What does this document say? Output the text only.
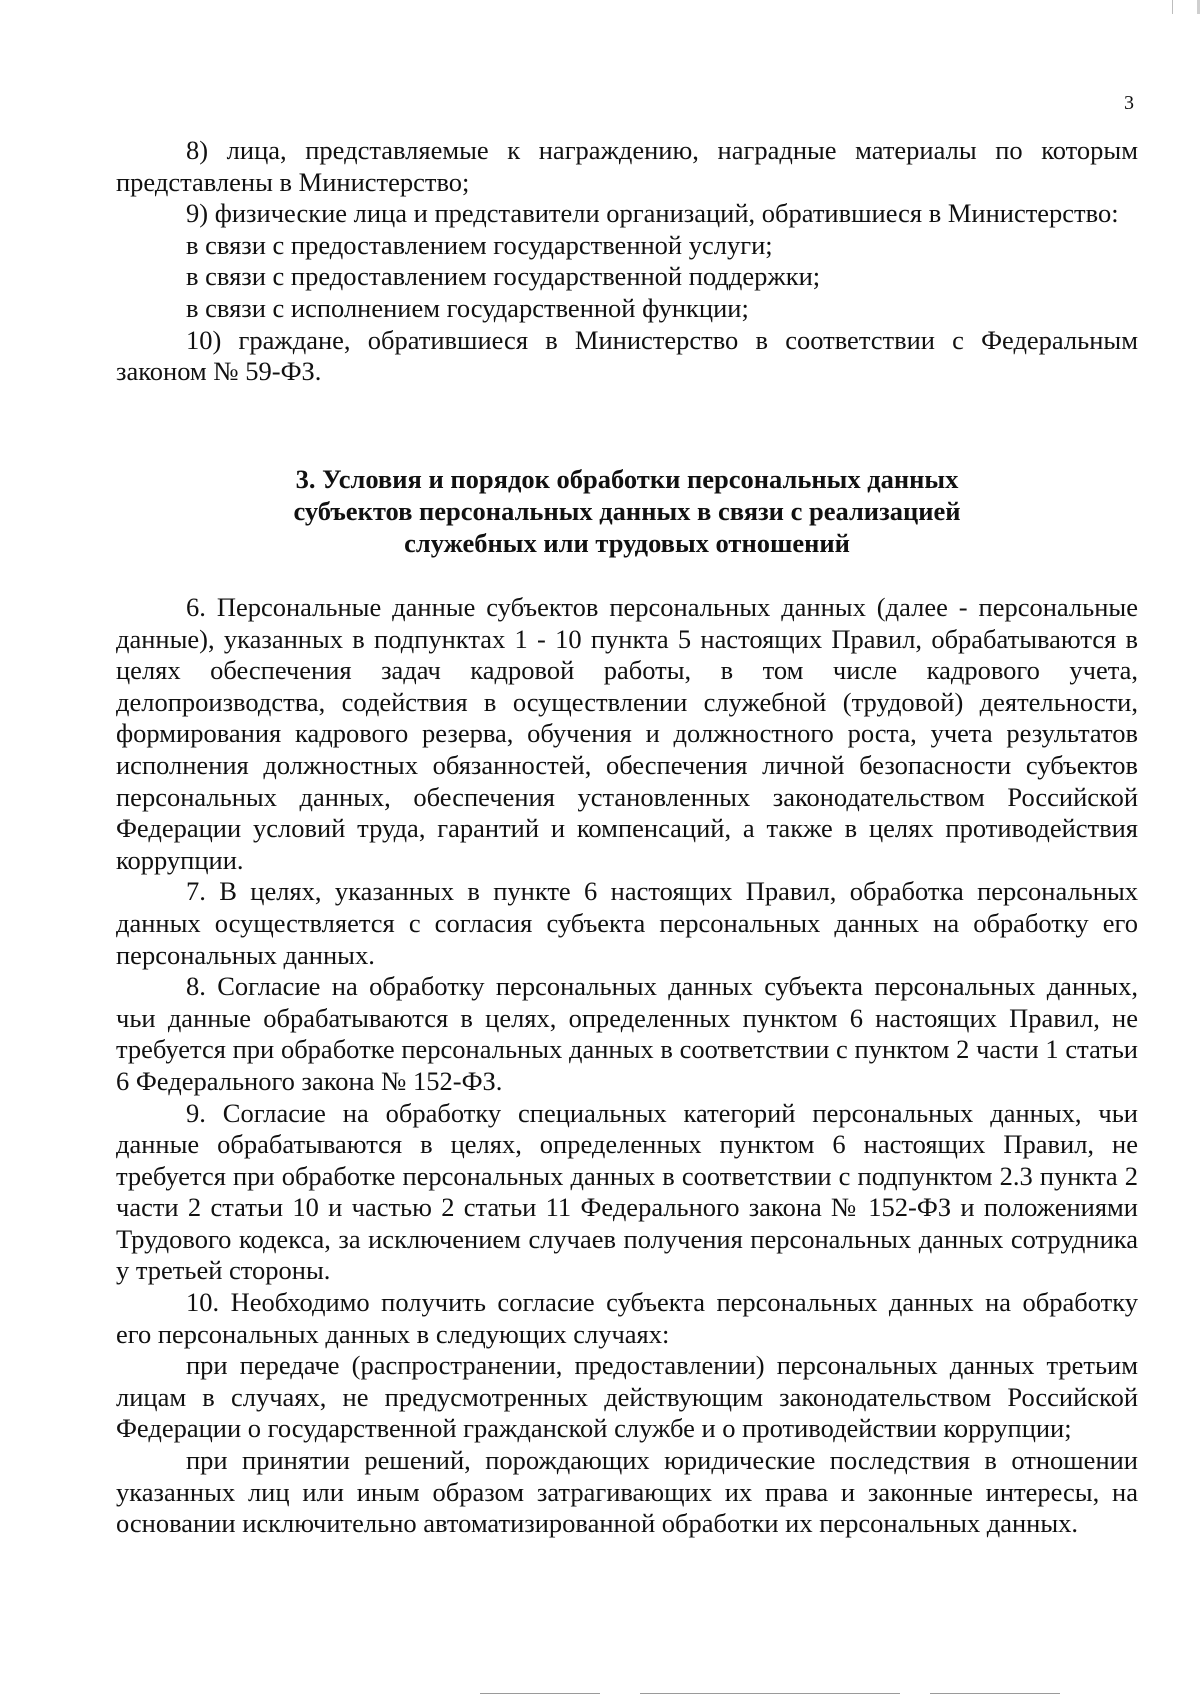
3

8) лица, представляемые к награждению, наградные материалы по которым представлены в Министерство;

9) физические лица и представители организаций, обратившиеся в Министерство:

в связи с предоставлением государственной услуги;

в связи с предоставлением государственной поддержки;

в связи с исполнением государственной функции;

10) граждане, обратившиеся в Министерство в соответствии с Федеральным законом № 59-ФЗ.

3. Условия и порядок обработки персональных данных
субъектов персональных данных в связи с реализацией
служебных или трудовых отношений

6. Персональные данные субъектов персональных данных (далее - персональные данные), указанных в подпунктах 1 - 10 пункта 5 настоящих Правил, обрабатываются в целях обеспечения задач кадровой работы, в том числе кадрового учета, делопроизводства, содействия в осуществлении служебной (трудовой) деятельности, формирования кадрового резерва, обучения и должностного роста, учета результатов исполнения должностных обязанностей, обеспечения личной безопасности субъектов персональных данных, обеспечения установленных законодательством Российской Федерации условий труда, гарантий и компенсаций, а также в целях противодействия коррупции.

7. В целях, указанных в пункте 6 настоящих Правил, обработка персональных данных осуществляется с согласия субъекта персональных данных на обработку его персональных данных.

8. Согласие на обработку персональных данных субъекта персональных данных, чьи данные обрабатываются в целях, определенных пунктом 6 настоящих Правил, не требуется при обработке персональных данных в соответствии с пунктом 2 части 1 статьи 6 Федерального закона № 152-ФЗ.

9. Согласие на обработку специальных категорий персональных данных, чьи данные обрабатываются в целях, определенных пунктом 6 настоящих Правил, не требуется при обработке персональных данных в соответствии с подпунктом 2.3 пункта 2 части 2 статьи 10 и частью 2 статьи 11 Федерального закона № 152-ФЗ и положениями Трудового кодекса, за исключением случаев получения персональных данных сотрудника у третьей стороны.

10. Необходимо получить согласие субъекта персональных данных на обработку его персональных данных в следующих случаях:

при передаче (распространении, предоставлении) персональных данных третьим лицам в случаях, не предусмотренных действующим законодательством Российской Федерации о государственной гражданской службе и о противодействии коррупции;

при принятии решений, порождающих юридические последствия в отношении указанных лиц или иным образом затрагивающих их права и законные интересы, на основании исключительно автоматизированной обработки их персональных данных.
